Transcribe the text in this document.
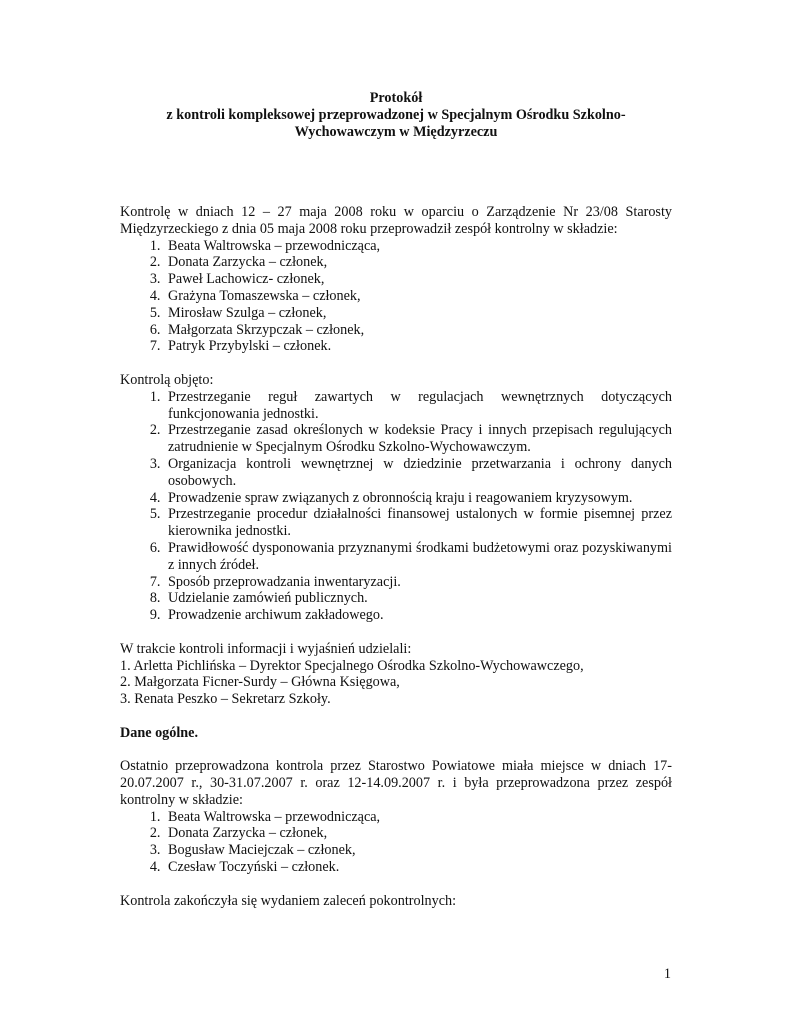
Protokół
z kontroli kompleksowej przeprowadzonej w Specjalnym Ośrodku Szkolno-
Wychowawczym w Międzyrzeczu

Kontrolę w dniach 12 – 27 maja 2008 roku w oparciu o Zarządzenie Nr 23/08 Starosty Międzyrzeckiego z dnia 05 maja 2008 roku przeprowadził zespół kontrolny w składzie:

1. Beata Waltrowska – przewodnicząca,
2. Donata Zarzycka – członek,
3. Paweł Lachowicz- członek,
4. Grażyna Tomaszewska – członek,
5. Mirosław Szulga – członek,
6. Małgorzata Skrzypczak – członek,
7. Patryk Przybylski – członek.

Kontrolą objęto:

1. Przestrzeganie reguł zawartych w regulacjach wewnętrznych dotyczących funkcjonowania jednostki.
2. Przestrzeganie zasad określonych w kodeksie Pracy i innych przepisach regulujących zatrudnienie w Specjalnym Ośrodku Szkolno-Wychowawczym.
3. Organizacja kontroli wewnętrznej w dziedzinie przetwarzania i ochrony danych osobowych.
4. Prowadzenie spraw związanych z obronnością kraju i reagowaniem kryzysowym.
5. Przestrzeganie procedur działalności finansowej ustalonych w formie pisemnej przez kierownika jednostki.
6. Prawidłowość dysponowania przyznanymi środkami budżetowymi oraz pozyskiwanymi z innych źródeł.
7. Sposób przeprowadzania inwentaryzacji.
8. Udzielanie zamówień publicznych.
9. Prowadzenie archiwum zakładowego.

W trakcie kontroli informacji i wyjaśnień udzielali:

1. Arletta Pichlińska – Dyrektor Specjalnego Ośrodka Szkolno-Wychowawczego,
2. Małgorzata Ficner-Surdy – Główna Księgowa,
3. Renata Peszko – Sekretarz Szkoły.

Dane ogólne.

Ostatnio przeprowadzona kontrola przez Starostwo Powiatowe miała miejsce w dniach 17-20.07.2007 r., 30-31.07.2007 r. oraz 12-14.09.2007 r. i była przeprowadzona przez zespół kontrolny w składzie:

1. Beata Waltrowska – przewodnicząca,
2. Donata Zarzycka – członek,
3. Bogusław Maciejczak – członek,
4. Czesław Toczyński – członek.

Kontrola zakończyła się wydaniem zaleceń pokontrolnych:

1
